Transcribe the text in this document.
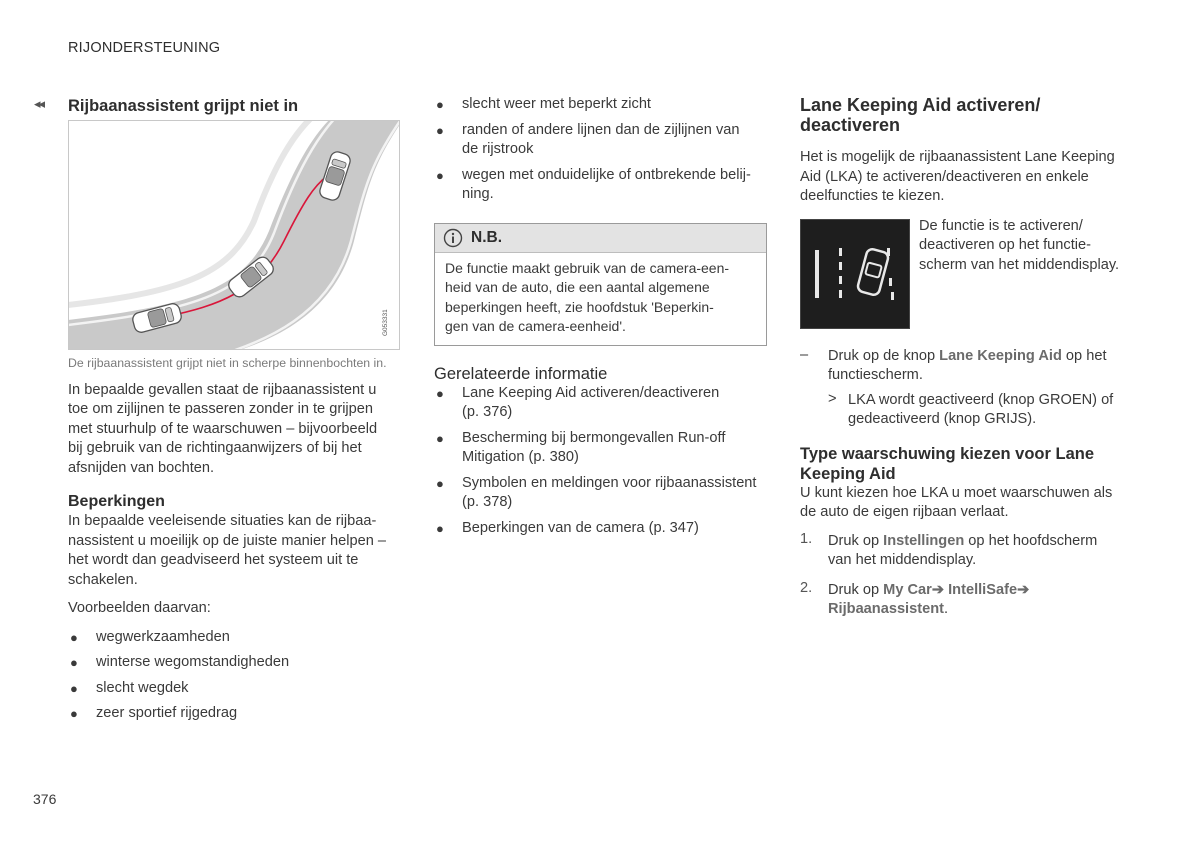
RIJONDERSTEUNING
◂◂
376
Rijbaanassistent grijpt niet in
G053331

De rijbaanassistent grijpt niet in scherpe binnenbochten in.

In bepaalde gevallen staat de rijbaanassistent u

toe om zijlijnen te passeren zonder in te grijpen

met stuurhulp of te waarschuwen – bijvoorbeeld

bij gebruik van de richtingaanwijzers of bij het

afsnijden van bochten.

Beperkingen

In bepaalde veeleisende situaties kan de rijbaa-

nassistent u moeilijk op de juiste manier helpen –

het wordt dan geadviseerd het systeem uit te

schakelen.

Voorbeelden daarvan:

● wegwerkzaamheden
● winterse wegomstandigheden
● slecht wegdek
● zeer sportief rijgedrag
● slecht weer met beperkt zicht
● randen of andere lijnen dan de zijlijnen van
de rijstrook
● wegen met onduidelijke of ontbrekende belij-
ning.
N.B.

De functie maakt gebruik van de camera-een-

heid van de auto, die een aantal algemene

beperkingen heeft, zie hoofdstuk 'Beperkin-

gen van de camera-eenheid'.

Gerelateerde informatie
● Lane Keeping Aid activeren/deactiveren
(p. 376)
● Bescherming bij bermongevallen Run-off
Mitigation (p. 380)
● Symbolen en meldingen voor rijbaanassistent
(p. 378)
● Beperkingen van de camera (p. 347)
Lane Keeping Aid activeren/
deactiveren

Het is mogelijk de rijbaanassistent Lane Keeping

Aid (LKA) te activeren/deactiveren en enkele

deelfuncties te kiezen.

De functie is te activeren/

deactiveren op het functie-

scherm van het middendisplay.

– Druk op de knop Lane Keeping Aid op het

functiescherm.

> LKA wordt geactiveerd (knop GROEN) of

gedeactiveerd (knop GRIJS).

Type waarschuwing kiezen voor Lane
Keeping Aid

U kunt kiezen hoe LKA u moet waarschuwen als

de auto de eigen rijbaan verlaat.

1. Druk op Instellingen op het hoofdscherm
van het middendisplay.
2. Druk op My Car➔ IntelliSafe➔
Rijbaanassistent.
